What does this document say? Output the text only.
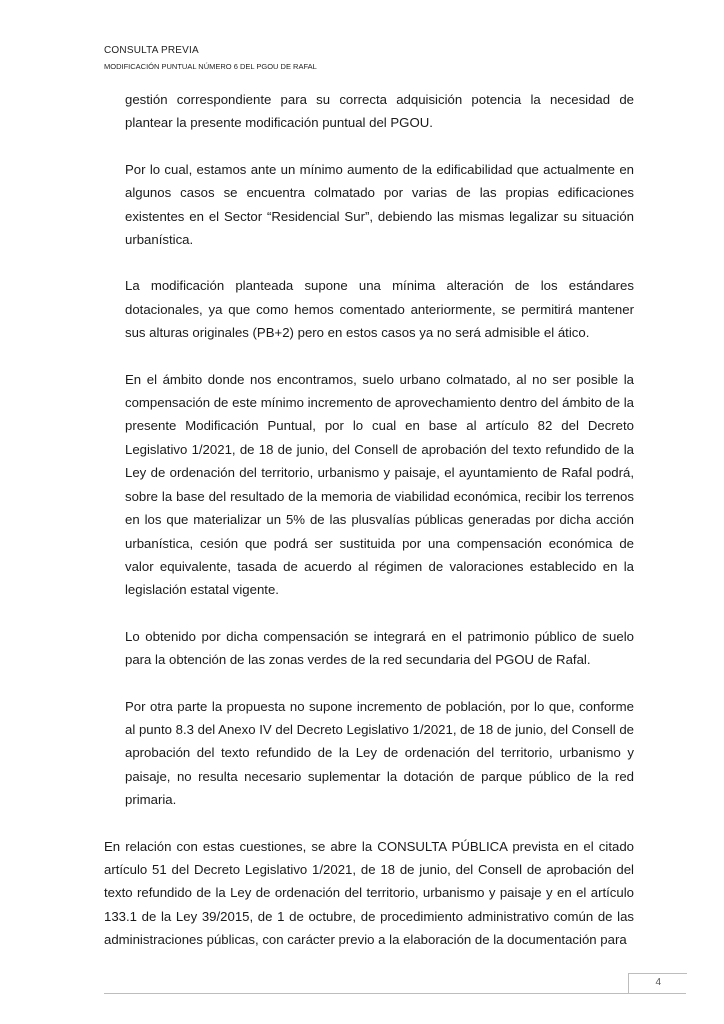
CONSULTA PREVIA
MODIFICACIÓN PUNTUAL NÚMERO 6 DEL PGOU DE RAFAL

gestión correspondiente para su correcta adquisición potencia la necesidad de plantear la presente modificación puntual del PGOU.

Por lo cual, estamos ante un mínimo aumento de la edificabilidad que actualmente en algunos casos se encuentra colmatado por varias de las propias edificaciones existentes en el Sector “Residencial Sur”, debiendo las mismas legalizar su situación urbanística.

La modificación planteada supone una mínima alteración de los estándares dotacionales, ya que como hemos comentado anteriormente, se permitirá mantener sus alturas originales (PB+2) pero en estos casos ya no será admisible el ático.

En el ámbito donde nos encontramos, suelo urbano colmatado, al no ser posible la compensación de este mínimo incremento de aprovechamiento dentro del ámbito de la presente Modificación Puntual, por lo cual en base al artículo 82 del Decreto Legislativo 1/2021, de 18 de junio, del Consell de aprobación del texto refundido de la Ley de ordenación del territorio, urbanismo y paisaje, el ayuntamiento de Rafal podrá, sobre la base del resultado de la memoria de viabilidad económica, recibir los terrenos en los que materializar un 5% de las plusvalías públicas generadas por dicha acción urbanística, cesión que podrá ser sustituida por una compensación económica de valor equivalente, tasada de acuerdo al régimen de valoraciones establecido en la legislación estatal vigente.

Lo obtenido por dicha compensación se integrará en el patrimonio público de suelo para la obtención de las zonas verdes de la red secundaria del PGOU de Rafal.

Por otra parte la propuesta no supone incremento de población, por lo que, conforme al punto 8.3 del Anexo IV del Decreto Legislativo 1/2021, de 18 de junio, del Consell de aprobación del texto refundido de la Ley de ordenación del territorio, urbanismo y paisaje, no resulta necesario suplementar la dotación de parque público de la red primaria.

En relación con estas cuestiones, se abre la CONSULTA PÚBLICA prevista en el citado artículo 51 del Decreto Legislativo 1/2021, de 18 de junio, del Consell de aprobación del texto refundido de la Ley de ordenación del territorio, urbanismo y paisaje y en el artículo 133.1 de la Ley 39/2015, de 1 de octubre, de procedimiento administrativo común de las administraciones públicas, con carácter previo a la elaboración de la documentación para

4
